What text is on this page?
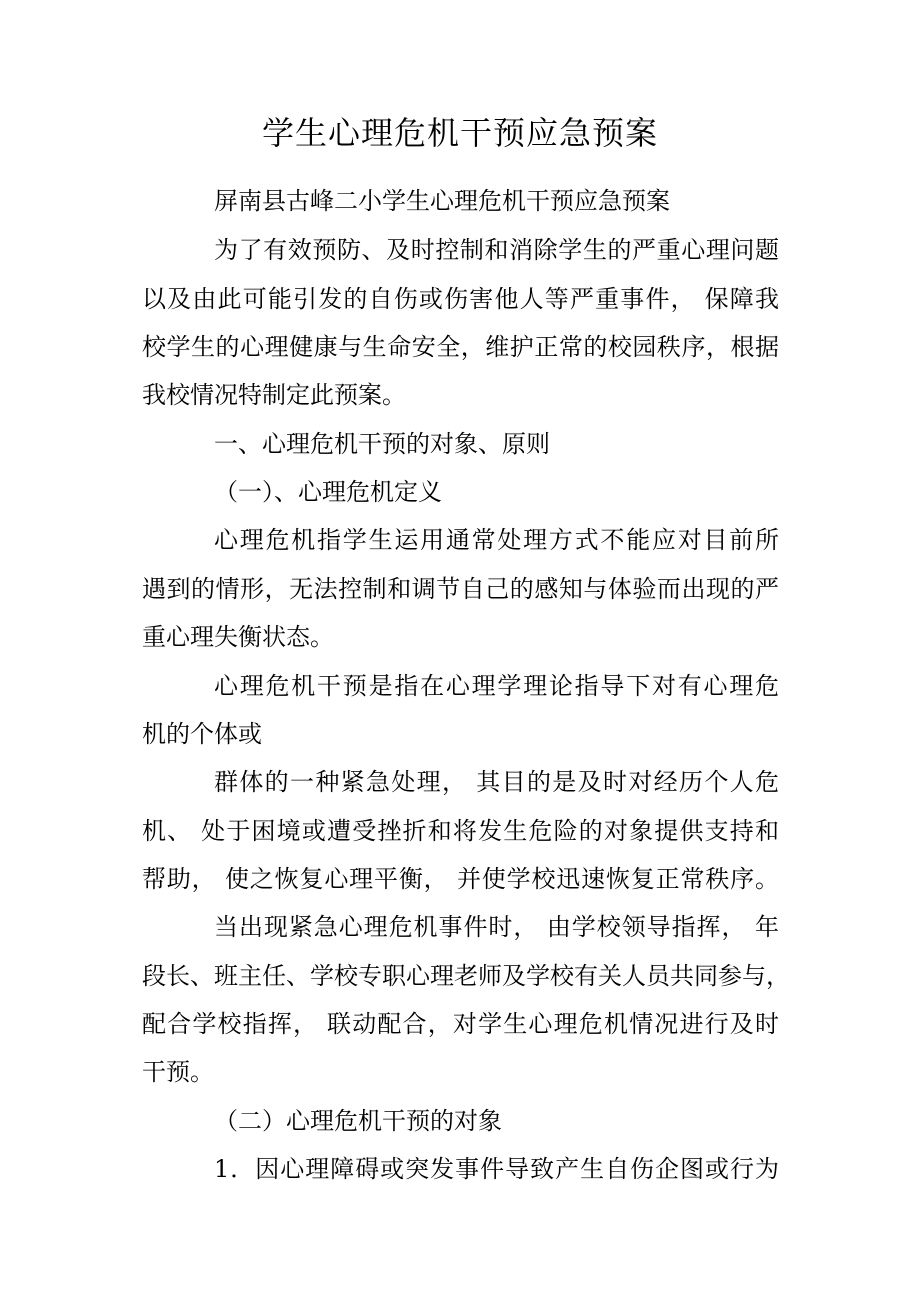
学生心理危机干预应急预案
屏南县古峰二小学生心理危机干预应急预案
为了有效预防、及时控制和消除学生的严重心理问题
以及由此可能引发的自伤或伤害他人等严重事件， 保障我
校学生的心理健康与生命安全，维护正常的校园秩序，根据
我校情况特制定此预案。
一、心理危机干预的对象、原则
（一）、心理危机定义
心理危机指学生运用通常处理方式不能应对目前所
遇到的情形，无法控制和调节自己的感知与体验而出现的严
重心理失衡状态。
心理危机干预是指在心理学理论指导下对有心理危
机的个体或
群体的一种紧急处理， 其目的是及时对经历个人危
机、 处于困境或遭受挫折和将发生危险的对象提供支持和
帮助， 使之恢复心理平衡， 并使学校迅速恢复正常秩序。
当出现紧急心理危机事件时， 由学校领导指挥， 年
段长、班主任、学校专职心理老师及学校有关人员共同参与，
配合学校指挥， 联动配合，对学生心理危机情况进行及时
干预。
（二）心理危机干预的对象
1．因心理障碍或突发事件导致产生自伤企图或行为
